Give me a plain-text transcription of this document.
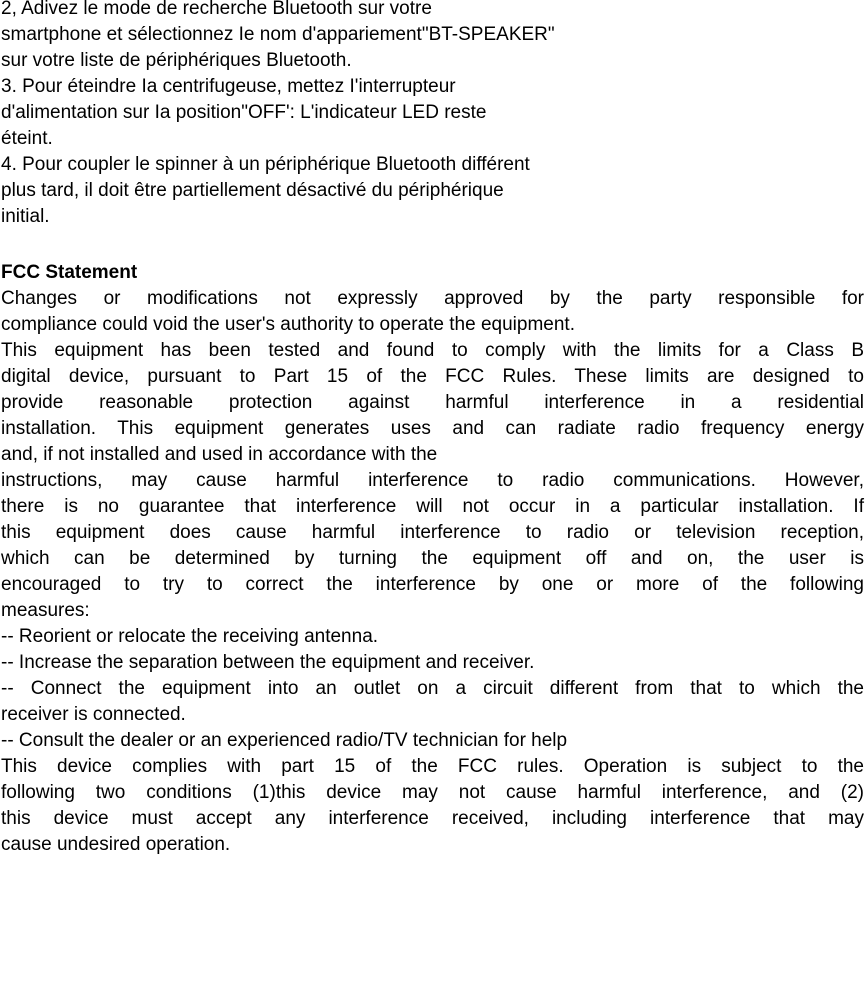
2, Adivez le mode de recherche Bluetooth sur votre
smartphone et sélectionnez Ie nom d'appariement"BT-SPEAKER"
sur votre liste de périphériques Bluetooth.
3. Pour éteindre Ia centrifugeuse, mettez I'interrupteur
d'alimentation sur Ia position"OFF': L'indicateur LED reste
éteint.
4. Pour coupler le spinner à un périphérique Bluetooth différent
plus tard, il doit être partiellement désactivé du périphérique
initial.
FCC Statement
Changes or modifications not expressly approved by the party responsible for
compliance could void the user's authority to operate the equipment.
This equipment has been tested and found to comply with the limits for a Class B
digital device, pursuant to Part 15 of the FCC Rules. These limits are designed to
provide reasonable protection against harmful interference in a residential
installation. This equipment generates uses and can radiate radio frequency energy
and, if not installed and used in accordance with the
instructions, may cause harmful interference to radio communications. However,
there is no guarantee that interference will not occur in a particular installation. If
this equipment does cause harmful interference to radio or television reception,
which can be determined by turning the equipment off and on, the user is
encouraged to try to correct the interference by one or more of the following
measures:
-- Reorient or relocate the receiving antenna.
-- Increase the separation between the equipment and receiver.
-- Connect the equipment into an outlet on a circuit different from that to which the
receiver is connected.
-- Consult the dealer or an experienced radio/TV technician for help
This device complies with part 15 of the FCC rules. Operation is subject to the
following two conditions (1)this device may not cause harmful interference, and (2)
this device must accept any interference received, including interference that may
cause undesired operation.
